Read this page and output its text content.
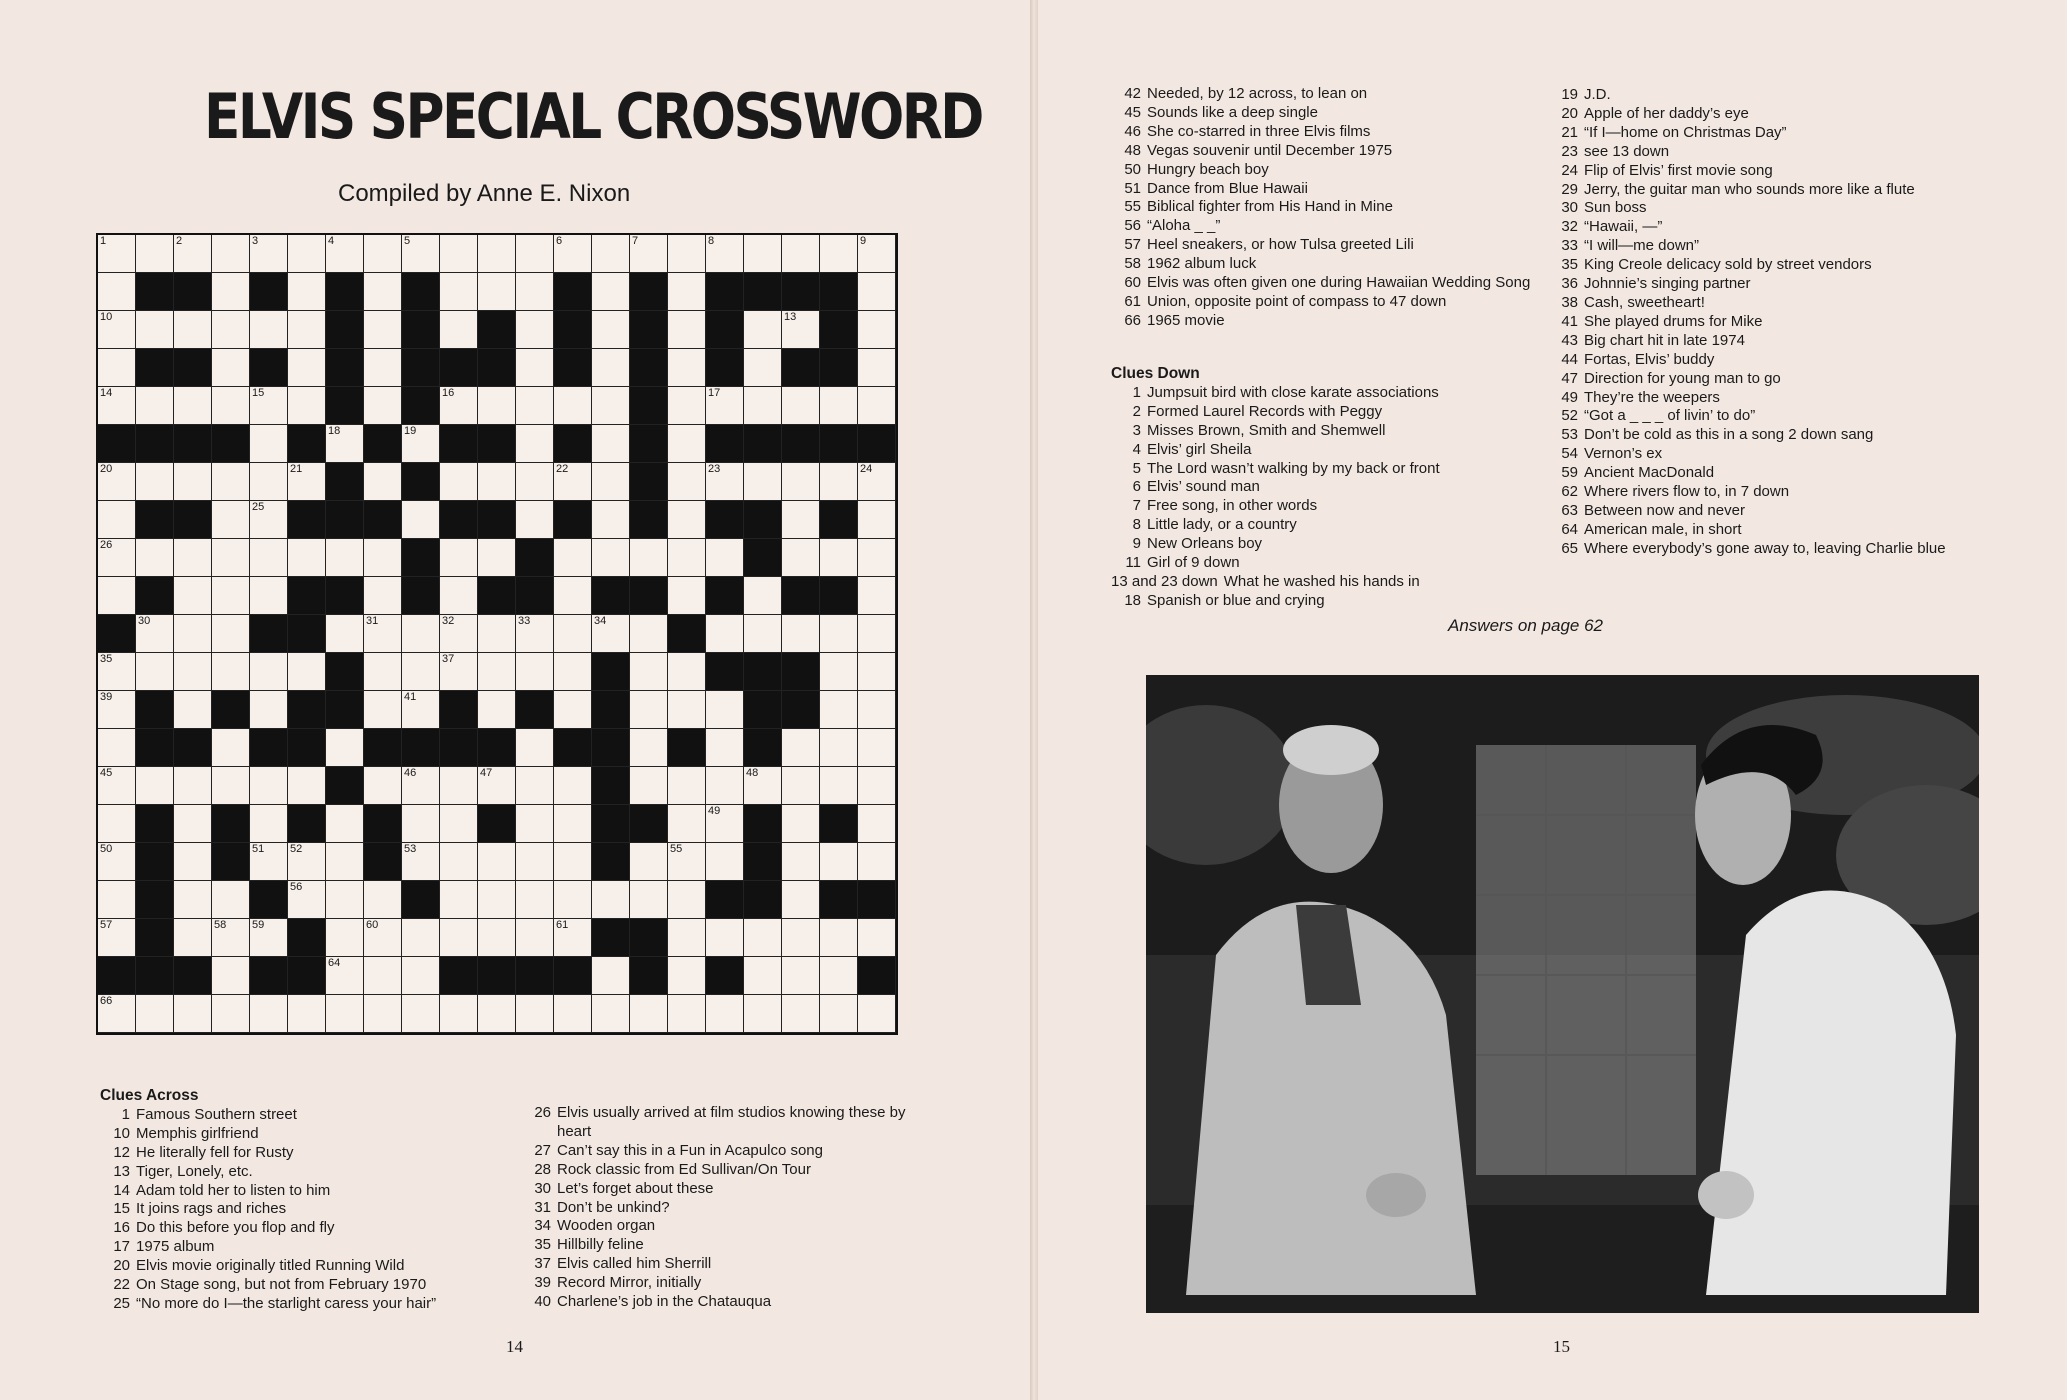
ELVIS SPECIAL CROSSWORD
Compiled by Anne E. Nixon
1	2	3	4	5	6	7	8	9
10	13
14	15	16	17
18	19
20	21	22	23	24
25
26
30	31	32	33	34
35	37
39	41
45	46	47	48
49
50	51 52	53	55
56
57	58 59	60	61
64
66
Clues Across
1 Famous Southern street
10 Memphis girlfriend
12 He literally fell for Rusty
13 Tiger, Lonely, etc.
14 Adam told her to listen to him
15 It joins rags and riches
16 Do this before you flop and fly
17 1975 album
20 Elvis movie originally titled Running Wild
22 On Stage song, but not from February 1970
25 “No more do I—the starlight caress your hair”
26 Elvis usually arrived at film studios knowing these by heart
27 Can’t say this in a Fun in Acapulco song
28 Rock classic from Ed Sullivan/On Tour
30 Let’s forget about these
31 Don’t be unkind?
34 Wooden organ
35 Hillbilly feline
37 Elvis called him Sherrill
39 Record Mirror, initially
40 Charlene’s job in the Chatauqua
14
42 Needed, by 12 across, to lean on
45 Sounds like a deep single
46 She co-starred in three Elvis films
48 Vegas souvenir until December 1975
50 Hungry beach boy
51 Dance from Blue Hawaii
55 Biblical fighter from His Hand in Mine
56 “Aloha _ _”
57 Heel sneakers, or how Tulsa greeted Lili
58 1962 album luck
60 Elvis was often given one during Hawaiian Wedding Song
61 Union, opposite point of compass to 47 down
66 1965 movie
Clues Down
1 Jumpsuit bird with close karate associations
2 Formed Laurel Records with Peggy
3 Misses Brown, Smith and Shemwell
4 Elvis’ girl Sheila
5 The Lord wasn’t walking by my back or front
6 Elvis’ sound man
7 Free song, in other words
8 Little lady, or a country
9 New Orleans boy
11 Girl of 9 down
13 and 23 down What he washed his hands in
18 Spanish or blue and crying
19 J.D.
20 Apple of her daddy’s eye
21 “If I—home on Christmas Day”
23 see 13 down
24 Flip of Elvis’ first movie song
29 Jerry, the guitar man who sounds more like a flute
30 Sun boss
32 “Hawaii, —”
33 “I will—me down”
35 King Creole delicacy sold by street vendors
36 Johnnie’s singing partner
38 Cash, sweetheart!
41 She played drums for Mike
43 Big chart hit in late 1974
44 Fortas, Elvis’ buddy
47 Direction for young man to go
49 They’re the weepers
52 “Got a _ _ _ of livin’ to do”
53 Don’t be cold as this in a song 2 down sang
54 Vernon’s ex
59 Ancient MacDonald
62 Where rivers flow to, in 7 down
63 Between now and never
64 American male, in short
65 Where everybody’s gone away to, leaving Charlie blue
Answers on page 62
15
